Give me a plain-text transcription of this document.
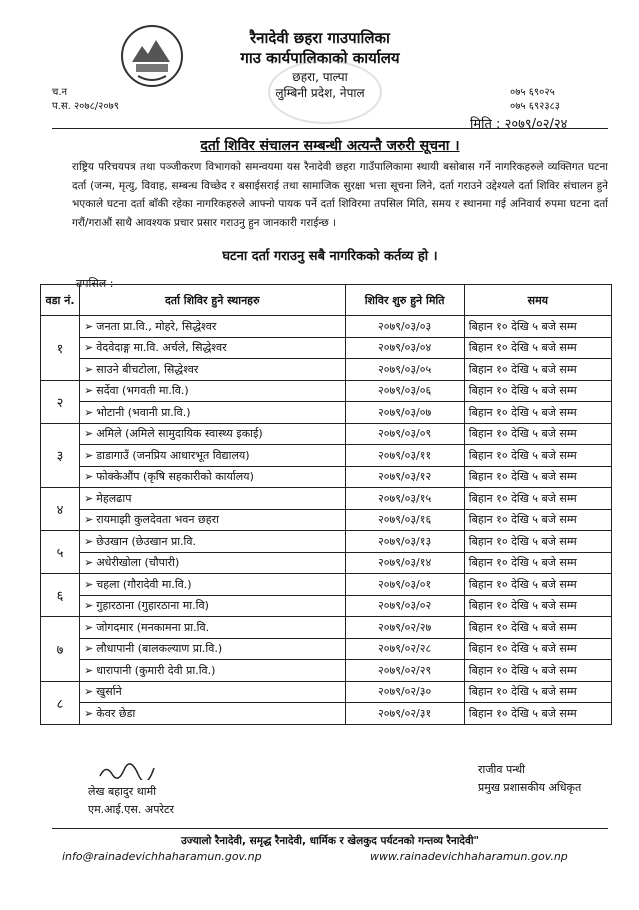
रैनादेवी छहरा गाउपालिका
गाउ कार्यपालिकाको कार्यालय
छहरा, पाल्पा
लुम्बिनी प्रदेश, नेपाल
च.न
प.स. २०७८/२०७९
०७५ ६९०२५
०७५ ६९२३८३
मिति : २०७९/०२/२४
दर्ता शिविर संचालन सम्बन्धी अत्यन्तै जरुरी सूचना ।
राष्ट्रिय परिचयपत्र तथा पञ्जीकरण विभागको समन्वयमा यस रैनादेवी छहरा गाउँपालिकामा स्थायी बसोबास गर्ने नागरिकहरुले व्यक्तिगत घटना दर्ता (जन्म, मृत्यु, विवाह, सम्बन्ध विच्छेद र बसाईसराई तथा सामाजिक सुरक्षा भत्ता सूचना लिने, दर्ता गराउने उद्देश्यले दर्ता शिविर संचालन हुने भएकाले घटना दर्ता बाँकी रहेका नागरिकहरुले आफ्नो पायक पर्ने दर्ता शिविरमा तपसिल मिति, समय र स्थानमा गई अनिवार्य रुपमा घटना दर्ता गरौं/गराऔं साथै आवश्यक प्रचार प्रसार गराउनु हुन जानकारी गराईन्छ ।
घटना दर्ता गराउनु सबै नागरिकको कर्तव्य हो ।
तपसिल :
वडा नं.	दर्ता शिविर हुने स्थानहरु	शिविर शुरु हुने मिति	समय
१	➢ जनता प्रा.वि., मोहरे, सिद्धेश्वर	२०७९/०३/०३	बिहान १० देखि ५ बजे सम्म
	➢ वेदवेदाङ्ग मा.वि. अर्चले, सिद्धेश्वर	२०७९/०३/०४	बिहान १० देखि ५ बजे सम्म
	➢ साउने बीचटोला, सिद्धेश्वर	२०७९/०३/०५	बिहान १० देखि ५ बजे सम्म
२	➢ सर्देवा (भगवती मा.वि.)	२०७९/०३/०६	बिहान १० देखि ५ बजे सम्म
	➢ भोटानी (भवानी प्रा.वि.)	२०७९/०३/०७	बिहान १० देखि ५ बजे सम्म
३	➢ अमिले (अमिले सामुदायिक स्वास्थ्य इकाई)	२०७९/०३/०९	बिहान १० देखि ५ बजे सम्म
	➢ डाडागाउँ (जनप्रिय आधारभूत विद्यालय)	२०७९/०३/११	बिहान १० देखि ५ बजे सम्म
	➢ फोक्केऔंप (कृषि सहकारीको कार्यालय)	२०७९/०३/१२	बिहान १० देखि ५ बजे सम्म
४	➢ मेहलढाप	२०७९/०३/१५	बिहान १० देखि ५ बजे सम्म
	➢ रायमाझी कुलदेवता भवन छहरा	२०७९/०३/१६	बिहान १० देखि ५ बजे सम्म
५	➢ छेउखान (छेउखान प्रा.वि.	२०७९/०३/१३	बिहान १० देखि ५ बजे सम्म
	➢ अधेरीखोला (चौपारी)	२०७९/०३/१४	बिहान १० देखि ५ बजे सम्म
६	➢ चहला (गौरादेवी मा.वि.)	२०७९/०३/०१	बिहान १० देखि ५ बजे सम्म
	➢ गुहारठाना (गुहारठाना मा.वि)	२०७९/०३/०२	बिहान १० देखि ५ बजे सम्म
७	➢ जोगदमार (मनकामना प्रा.वि.	२०७९/०२/२७	बिहान १० देखि ५ बजे सम्म
	➢ लौधापानी (बालकल्याण प्रा.वि.)	२०७९/०२/२८	बिहान १० देखि ५ बजे सम्म
	➢ धारापानी (कुमारी देवी प्रा.वि.)	२०७९/०२/२९	बिहान १० देखि ५ बजे सम्म
८	➢ खुर्साने	२०७९/०२/३०	बिहान १० देखि ५ बजे सम्म
	➢ केवर छेडा	२०७९/०२/३१	बिहान १० देखि ५ बजे सम्म
लेख बहादुर थामी
एम.आई.एस. अपरेटर
राजीव पन्थी
प्रमुख प्रशासकीय अधिकृत
उज्यालो रैनादेवी, समृद्ध रैनादेवी, धार्मिक र खेलकुद पर्यटनको गन्तव्य रैनादेवी"
info@rainadevichhaharamun.gov.np	www.rainadevichhaharamun.gov.np
